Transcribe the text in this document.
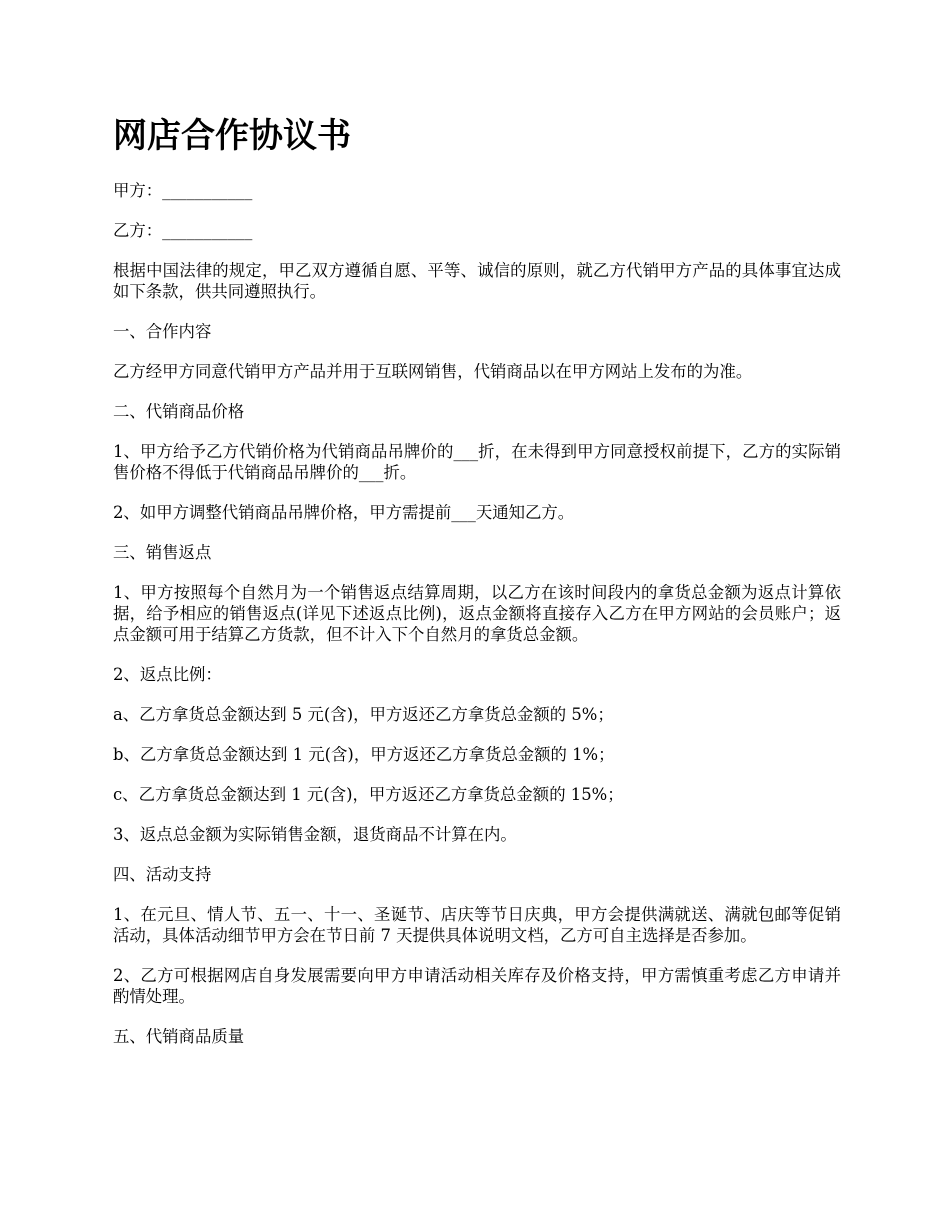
网店合作协议书

甲方：___________

乙方：___________

根据中国法律的规定，甲乙双方遵循自愿、平等、诚信的原则，就乙方代销甲方产品的具体事宜达成如下条款，供共同遵照执行。

一、合作内容

乙方经甲方同意代销甲方产品并用于互联网销售，代销商品以在甲方网站上发布的为准。

二、代销商品价格

1、甲方给予乙方代销价格为代销商品吊牌价的___折，在未得到甲方同意授权前提下，乙方的实际销售价格不得低于代销商品吊牌价的___折。

2、如甲方调整代销商品吊牌价格，甲方需提前___天通知乙方。

三、销售返点

1、甲方按照每个自然月为一个销售返点结算周期，以乙方在该时间段内的拿货总金额为返点计算依据，给予相应的销售返点(详见下述返点比例)，返点金额将直接存入乙方在甲方网站的会员账户；返点金额可用于结算乙方货款，但不计入下个自然月的拿货总金额。

2、返点比例：

a、乙方拿货总金额达到 5 元(含)，甲方返还乙方拿货总金额的 5%；

b、乙方拿货总金额达到 1 元(含)，甲方返还乙方拿货总金额的 1%；

c、乙方拿货总金额达到 1 元(含)，甲方返还乙方拿货总金额的 15%；

3、返点总金额为实际销售金额，退货商品不计算在内。

四、活动支持

1、在元旦、情人节、五一、十一、圣诞节、店庆等节日庆典，甲方会提供满就送、满就包邮等促销活动，具体活动细节甲方会在节日前 7 天提供具体说明文档，乙方可自主选择是否参加。

2、乙方可根据网店自身发展需要向甲方申请活动相关库存及价格支持，甲方需慎重考虑乙方申请并酌情处理。

五、代销商品质量
